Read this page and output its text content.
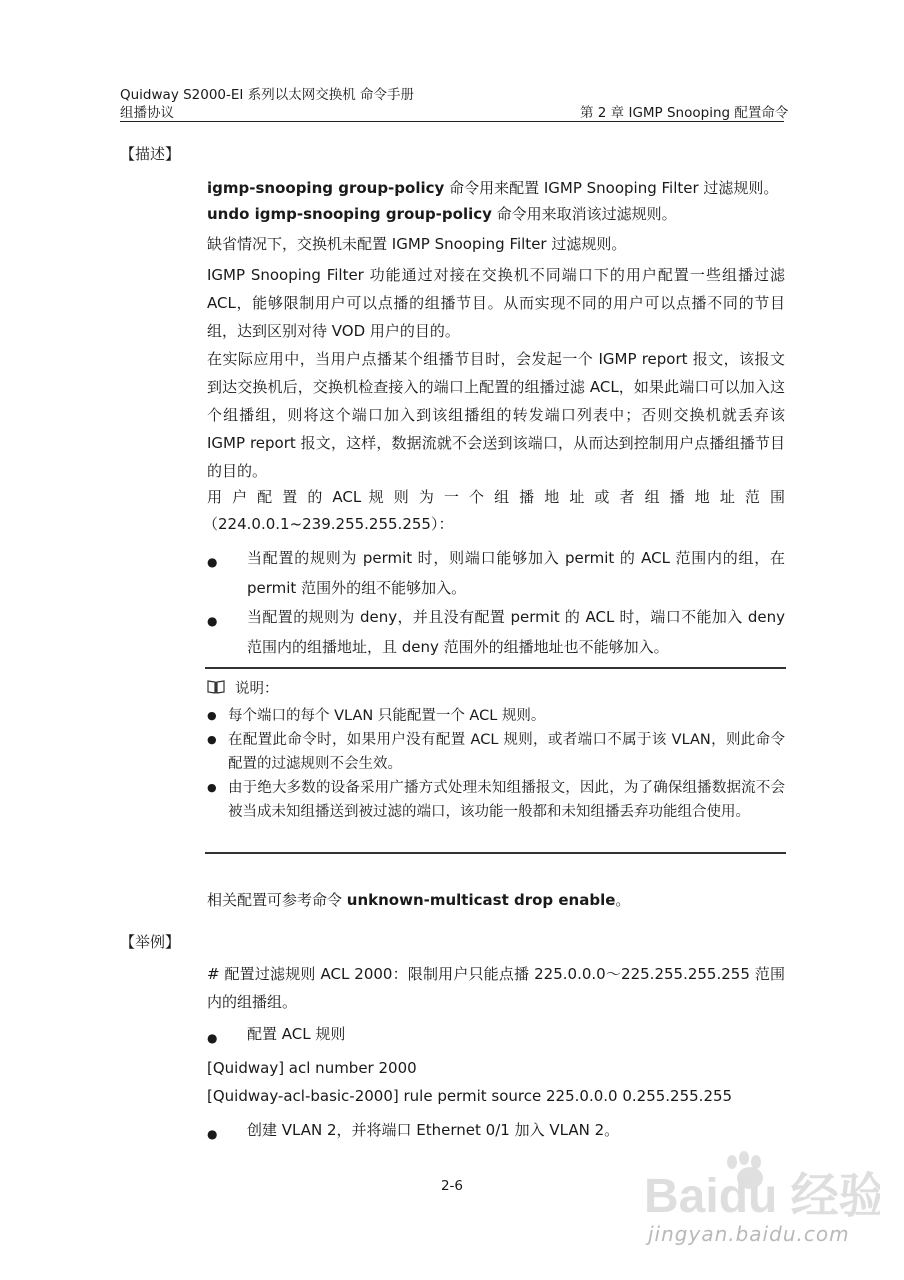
Quidway S2000-EI 系列以太网交换机 命令手册
组播协议	第 2 章 IGMP Snooping 配置命令
【描述】
igmp-snooping group-policy 命令用来配置 IGMP Snooping Filter 过滤规则。
undo igmp-snooping group-policy 命令用来取消该过滤规则。
缺省情况下，交换机未配置 IGMP Snooping Filter 过滤规则。
IGMP Snooping Filter 功能通过对接在交换机不同端口下的用户配置一些组播过滤ACL，能够限制用户可以点播的组播节目。从而实现不同的用户可以点播不同的节目组，达到区别对待 VOD 用户的目的。
在实际应用中，当用户点播某个组播节目时，会发起一个 IGMP report 报文，该报文到达交换机后，交换机检查接入的端口上配置的组播过滤 ACL，如果此端口可以加入这个组播组，则将这个端口加入到该组播组的转发端口列表中；否则交换机就丢弃该 IGMP report 报文，这样，数据流就不会送到该端口，从而达到控制用户点播组播节目的目的。
用 户 配 置 的 ACL 规 则 为 一 个 组 播 地 址 或 者 组 播 地 址 范 围
（224.0.0.1~239.255.255.255）：
● 当配置的规则为 permit 时，则端口能够加入 permit 的 ACL 范围内的组，在permit 范围外的组不能够加入。
● 当配置的规则为 deny，并且没有配置 permit 的 ACL 时，端口不能加入 deny范围内的组播地址，且 deny 范围外的组播地址也不能够加入。
说明：
● 每个端口的每个 VLAN 只能配置一个 ACL 规则。
● 在配置此命令时，如果用户没有配置 ACL 规则，或者端口不属于该 VLAN，则此命令配置的过滤规则不会生效。
● 由于绝大多数的设备采用广播方式处理未知组播报文，因此，为了确保组播数据流不会被当成未知组播送到被过滤的端口，该功能一般都和未知组播丢弃功能组合使用。
相关配置可参考命令 unknown-multicast drop enable。
【举例】
# 配置过滤规则 ACL 2000：限制用户只能点播 225.0.0.0～225.255.255.255 范围内的组播组。
● 配置 ACL 规则
[Quidway] acl number 2000
[Quidway-acl-basic-2000] rule permit source 225.0.0.0 0.255.255.255
● 创建 VLAN 2，并将端口 Ethernet 0/1 加入 VLAN 2。
2-6	Baidu 经验
jingyan.baidu.com
